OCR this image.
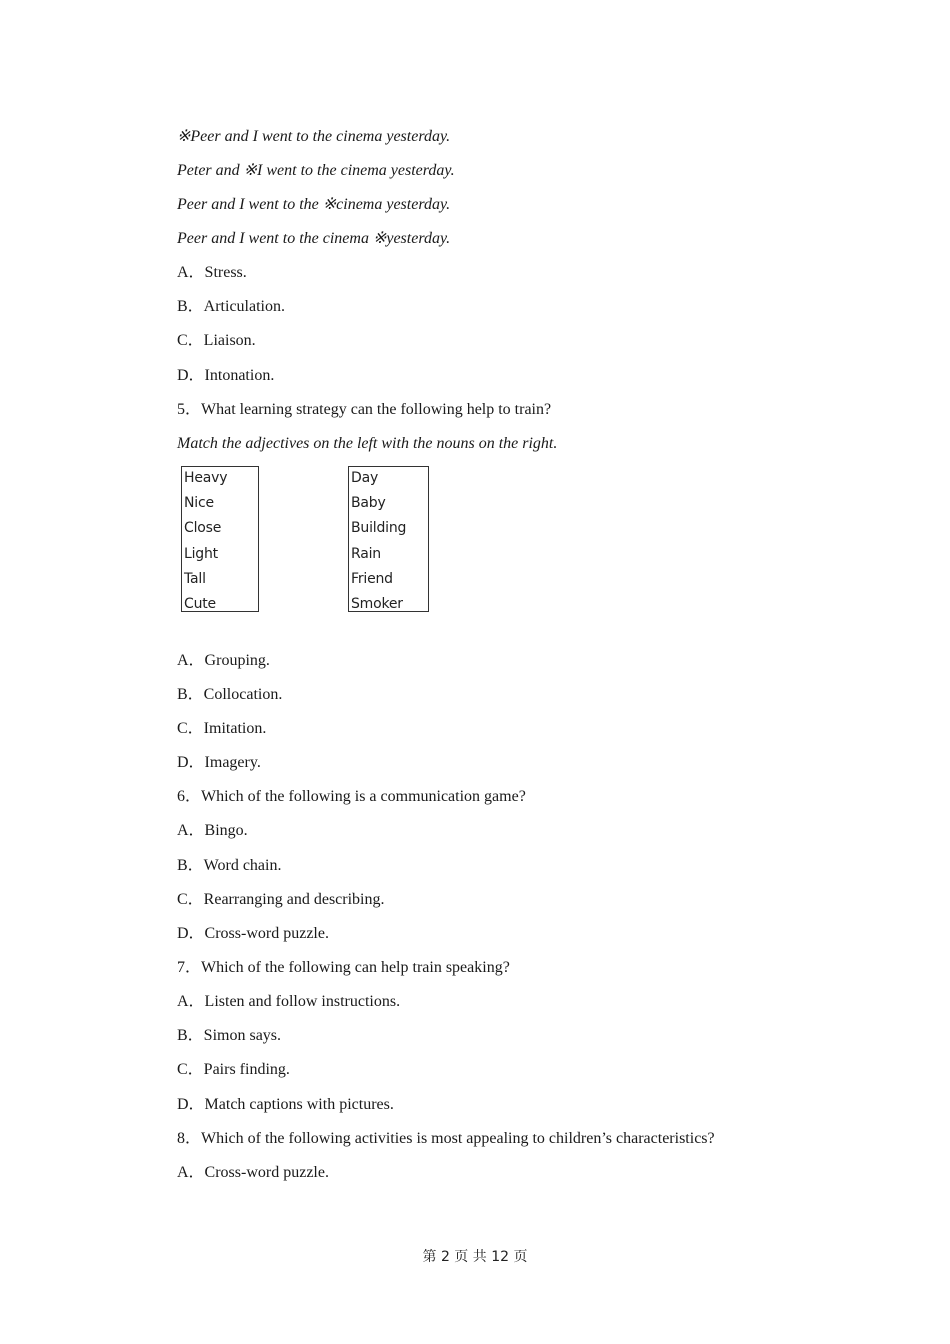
※Peer and I went to the cinema yesterday.
Peter and ※I went to the cinema yesterday.
Peer and I went to the ※cinema yesterday.
Peer and I went to the cinema ※yesterday.
A．Stress.
B．Articulation.
C．Liaison.
D．Intonation.
5．What learning strategy can the following help to train?
Match the adjectives on the left with the nouns on the right.
Heavy
Nice
Close
Light
Tall
Cute
Day
Baby
Building
Rain
Friend
Smoker
A．Grouping.
B．Collocation.
C．Imitation.
D．Imagery.
6．Which of the following is a communication game?
A．Bingo.
B．Word chain.
C．Rearranging and describing.
D．Cross-word puzzle.
7．Which of the following can help train speaking?
A．Listen and follow instructions.
B．Simon says.
C．Pairs finding.
D．Match captions with pictures.
8．Which of the following activities is most appealing to children’s characteristics?
A．Cross-word puzzle.
第 2 页 共 12 页
